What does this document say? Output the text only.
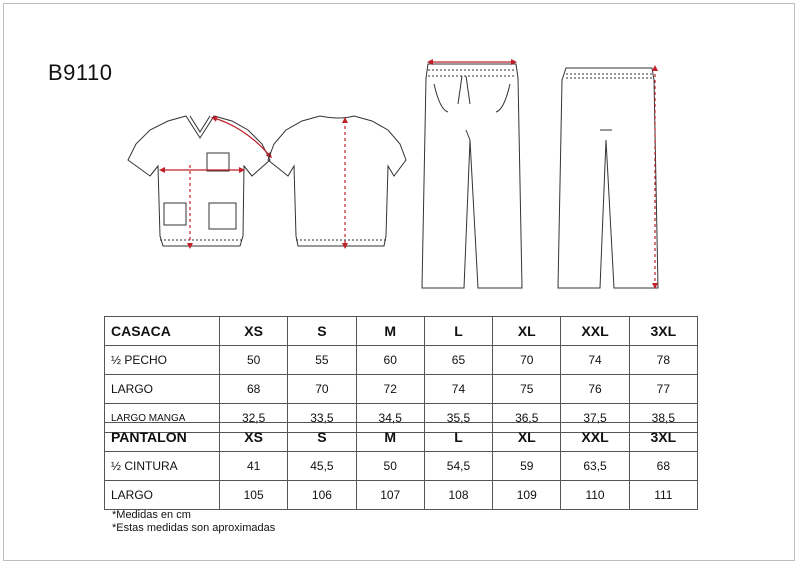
B9110
CASACA	XS	S	M	L	XL	XXL	3XL
½ PECHO	50	55	60	65	70	74	78
LARGO	68	70	72	74	75	76	77
LARGO MANGA	32,5	33,5	34,5	35,5	36,5	37,5	38,5
PANTALON	XS	S	M	L	XL	XXL	3XL
½ CINTURA	41	45,5	50	54,5	59	63,5	68
LARGO	105	106	107	108	109	110	111
*Medidas en cm
*Estas medidas son aproximadas
